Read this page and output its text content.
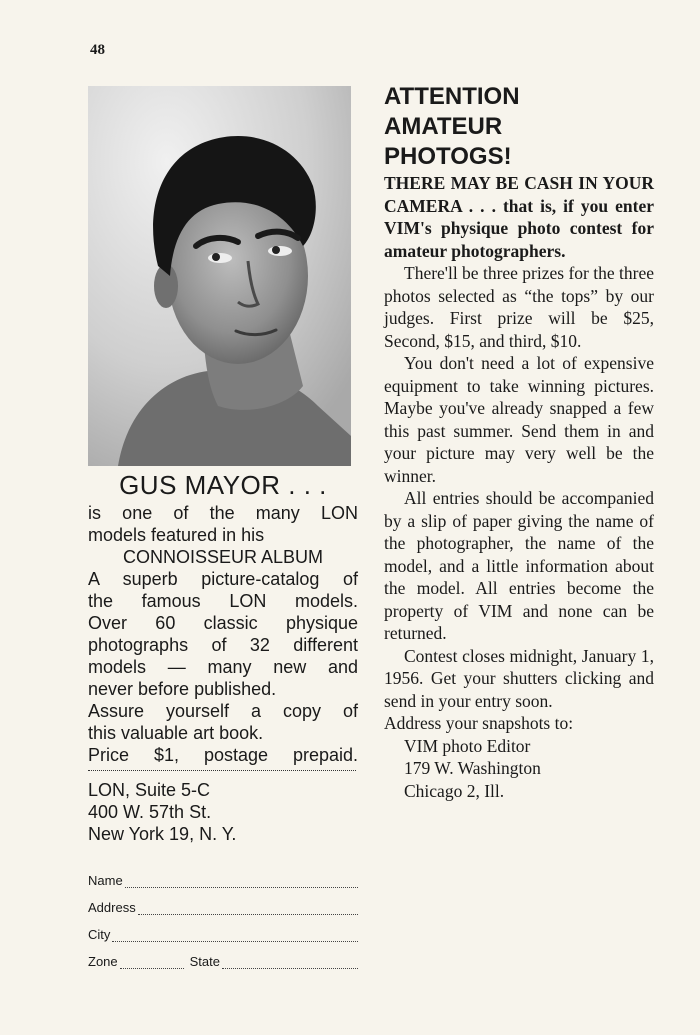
48
GUS MAYOR . . .
is one of the many LON
models featured in his
CONNOISSEUR ALBUM
A superb picture-catalog of
the famous LON models.
Over 60 classic physique
photographs of 32 different
models — many new and
never before published.
Assure yourself a copy of
this valuable art book.
Price $1, postage prepaid.
LON, Suite 5-C
400 W. 57th St.
New York 19, N. Y.
Name
Address
City
Zone	State
ATTENTION
AMATEUR
PHOTOGS!
THERE MAY BE CASH IN YOUR CAMERA . . . that is, if you enter VIM's physique photo contest for amateur photographers.

There'll be three prizes for the three photos selected as “the tops” by our judges. First prize will be $25, Second, $15, and third, $10.

You don't need a lot of expensive equipment to take winning pictures. Maybe you've already snapped a few this past summer. Send them in and your picture may very well be the winner.

All entries should be accompanied by a slip of paper giving the name of the photographer, the name of the model, and a little information about the model. All entries become the property of VIM and none can be returned.

Contest closes midnight, January 1, 1956. Get your shutters clicking and send in your entry soon.

Address your snapshots to:
VIM photo Editor
179 W. Washington
Chicago 2, Ill.
